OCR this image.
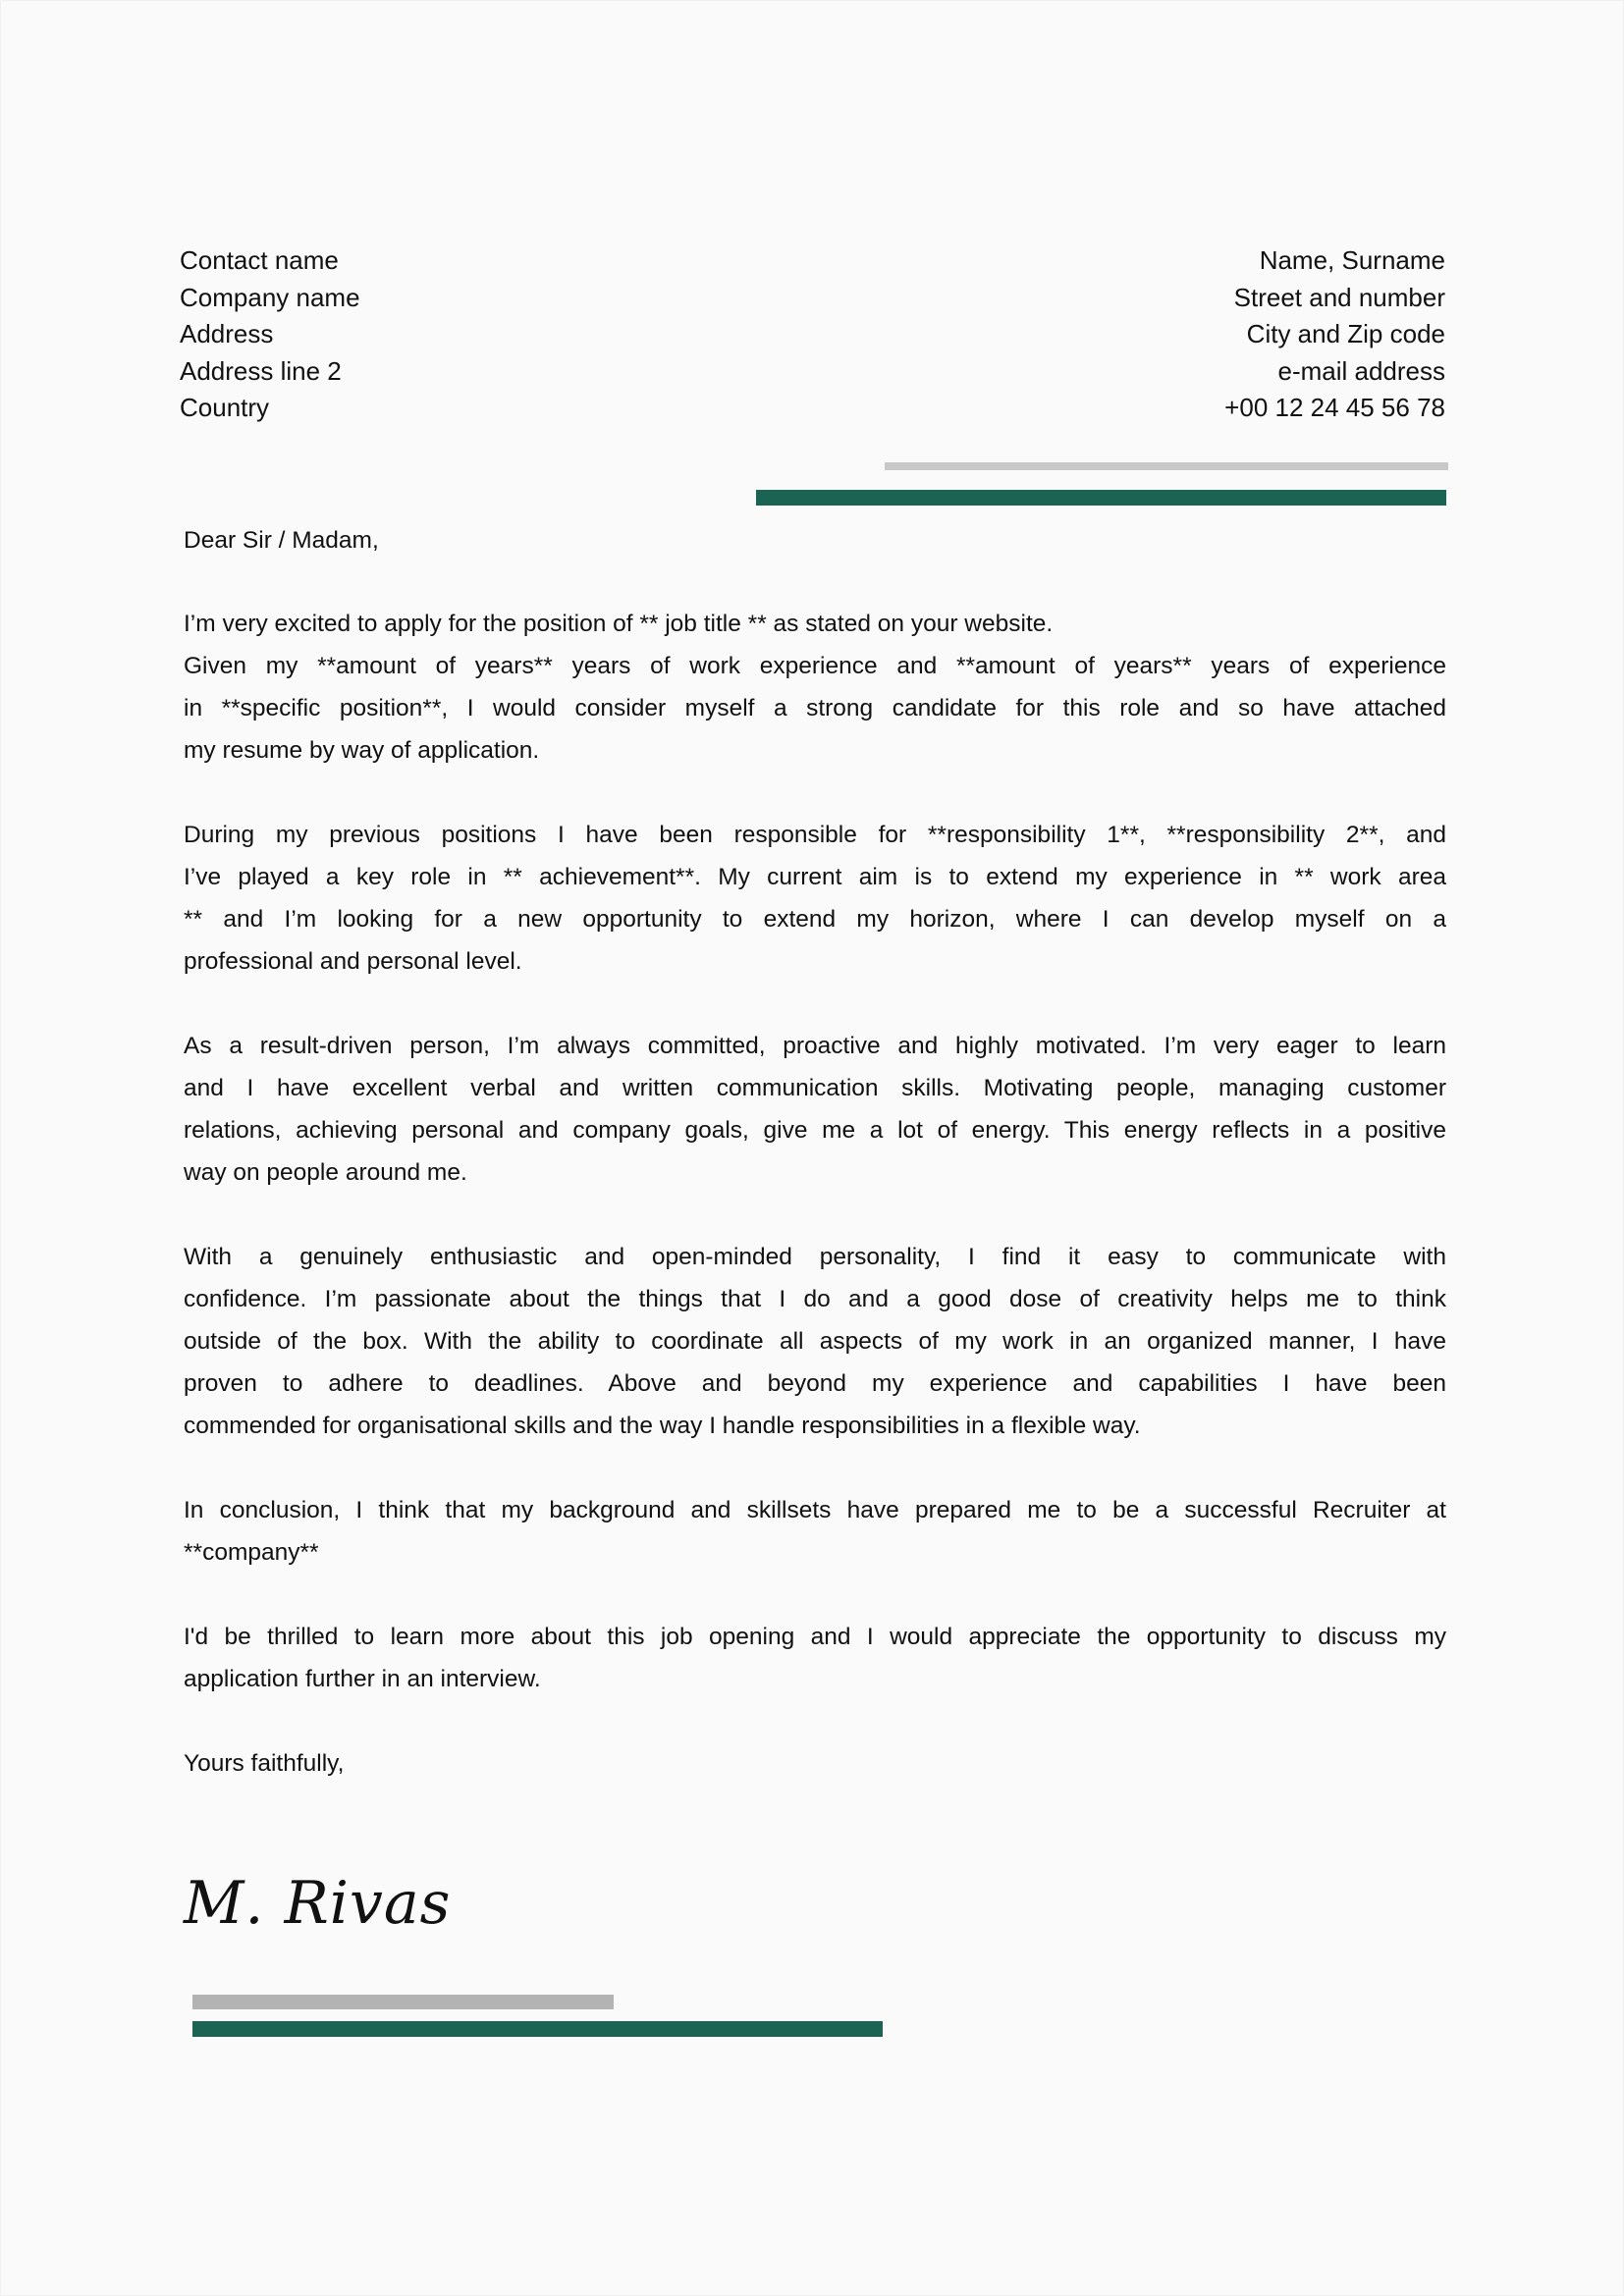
Contact name
Company name
Address
Address line 2
Country
Name, Surname
Street and number
City and Zip code
e-mail address
+00 12 24 45 56 78
Dear Sir / Madam,
I’m very excited to apply for the position of ** job title ** as stated on your website.
Given my **amount of years** years of work experience and **amount of years** years of experience
in **specific position**, I would consider myself a strong candidate for this role and so have attached
my resume by way of application.
During my previous positions I have been responsible for **responsibility 1**, **responsibility 2**, and
I’ve played a key role in ** achievement**. My current aim is to extend my experience in ** work area
** and I’m looking for a new opportunity to extend my horizon, where I can develop myself on a
professional and personal level.
As a result-driven person, I’m always committed, proactive and highly motivated. I’m very eager to learn
and I have excellent verbal and written communication skills. Motivating people, managing customer
relations, achieving personal and company goals, give me a lot of energy. This energy reflects in a positive
way on people around me.
With a genuinely enthusiastic and open-minded personality, I find it easy to communicate with
confidence. I’m passionate about the things that I do and a good dose of creativity helps me to think
outside of the box. With the ability to coordinate all aspects of my work in an organized manner, I have
proven to adhere to deadlines. Above and beyond my experience and capabilities I have been
commended for organisational skills and the way I handle responsibilities in a flexible way.
In conclusion, I think that my background and skillsets have prepared me to be a successful Recruiter at
**company**
I'd be thrilled to learn more about this job opening and I would appreciate the opportunity to discuss my
application further in an interview.
Yours faithfully,
M. Rivas
